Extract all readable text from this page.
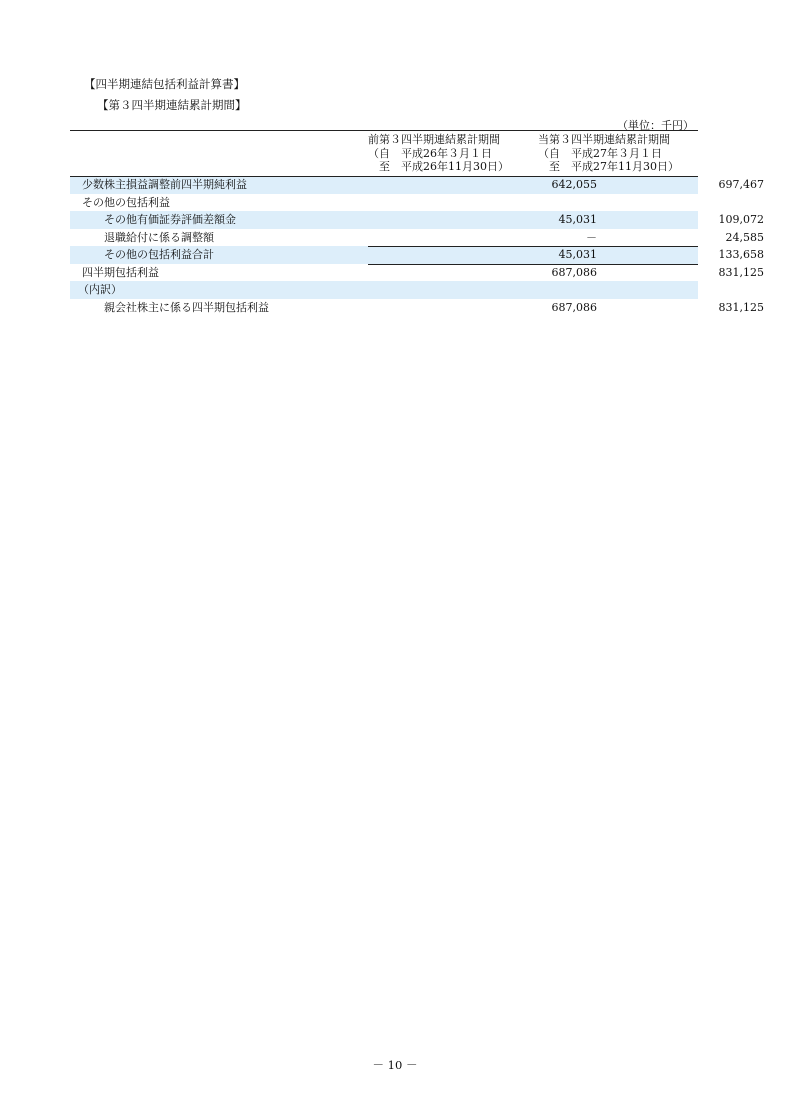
【四半期連結包括利益計算書】
【第３四半期連結累計期間】
（単位：千円）
前第３四半期連結累計期間
（自　平成26年３月１日
　至　平成26年11月30日）
当第３四半期連結累計期間
（自　平成27年３月１日
　至　平成27年11月30日）
少数株主損益調整前四半期純利益	642,055	697,467
その他の包括利益
その他有価証券評価差額金	45,031	109,072
退職給付に係る調整額	－	24,585
その他の包括利益合計	45,031	133,658
四半期包括利益	687,086	831,125
（内訳）
親会社株主に係る四半期包括利益	687,086	831,125
－ 10 －
